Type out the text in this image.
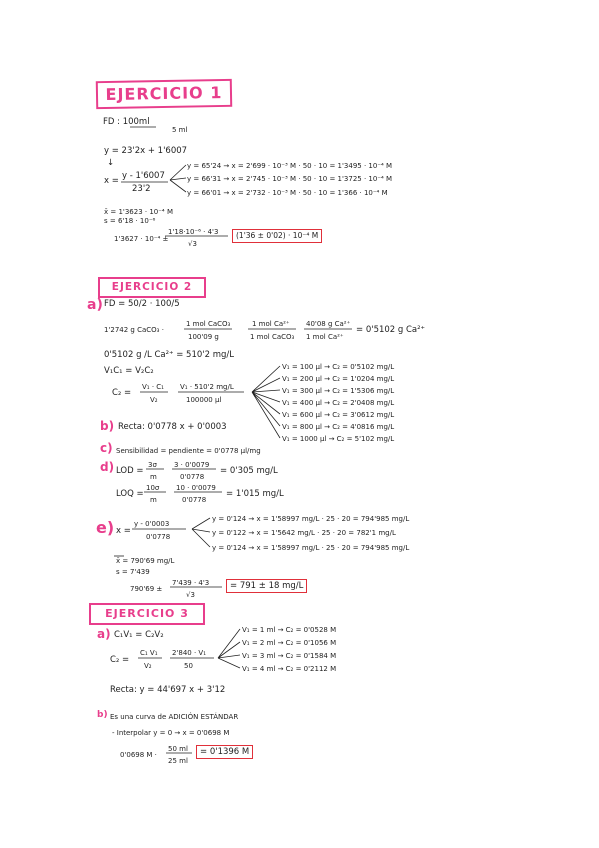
EJERCICIO 1
FD : 100ml
5 ml
y = 23'2x + 1'6007
↓
x = y - 1'6007
23'2
y = 65'24 → x = 2'699 · 10⁻³ M · 50 · 10 = 1'3495 · 10⁻⁴ M
y = 66'31 → x = 2'745 · 10⁻³ M · 50 · 10 = 1'3725 · 10⁻⁴ M
y = 66'01 → x = 2'732 · 10⁻³ M · 50 · 10 = 1'366 · 10⁻⁴ M
x̄ = 1'3623 · 10⁻⁴ M
s = 6'18 · 10⁻⁶
1'3627 · 10⁻⁴ ±
1'18·10⁻⁶ · 4'3
√3
(1'36 ± 0'02) · 10⁻⁴ M
EJERCICIO 2
a) FD = 50/2 · 100/5
1'2742 g CaCO₃ ·
1 mol CaCO₃
100'09 g
1 mol Ca²⁺
1 mol CaCO₃
40'08 g Ca²⁺
1 mol Ca²⁺
= 0'5102 g Ca²⁺
0'5102 g /L Ca²⁺ = 510'2 mg/L
V₁C₁ = V₂C₂
C₂ =
V₁ · C₁
V₂
V₁ · 510'2 mg/L
100000 µl
V₁ = 100 µl → C₂ = 0'5102 mg/L
V₁ = 200 µl → C₂ = 1'0204 mg/L
V₁ = 300 µl → C₂ = 1'5306 mg/L
V₁ = 400 µl → C₂ = 2'0408 mg/L
V₁ = 600 µl → C₂ = 3'0612 mg/L
V₁ = 800 µl → C₂ = 4'0816 mg/L
V₁ = 1000 µl → C₂ = 5'102 mg/L
b) Recta: 0'0778 x + 0'0003
c) Sensibilidad = pendiente = 0'0778 µl/mg
d) LOD =
3σ
m
3 · 0'0079
0'0778
= 0'305 mg/L
LOQ =
10σ
m
10 · 0'0079
0'0778
= 1'015 mg/L
e) x =
y - 0'0003
0'0778
y = 0'124 → x = 1'58997 mg/L · 25 · 20 = 794'985 mg/L
y = 0'122 → x = 1'5642 mg/L · 25 · 20 = 782'1 mg/L
y = 0'124 → x = 1'58997 mg/L · 25 · 20 = 794'985 mg/L
x̄ = 790'69 mg/L
s = 7'439
790'69 ±
7'439 · 4'3
√3
= 791 ± 18 mg/L
EJERCICIO 3
a) C₁V₁ = C₂V₂
C₂ =
C₁ V₁
V₂
2'840 · V₁
50
V₁ = 1 ml → C₂ = 0'0528 M
V₁ = 2 ml → C₂ = 0'1056 M
V₁ = 3 ml → C₂ = 0'1584 M
V₁ = 4 ml → C₂ = 0'2112 M
Recta: y = 44'697 x + 3'12
b) Es una curva de ADICIÓN ESTÁNDAR
- Interpolar y = 0 → x = 0'0698 M
0'0698 M ·
50 ml
25 ml
= 0'1396 M
